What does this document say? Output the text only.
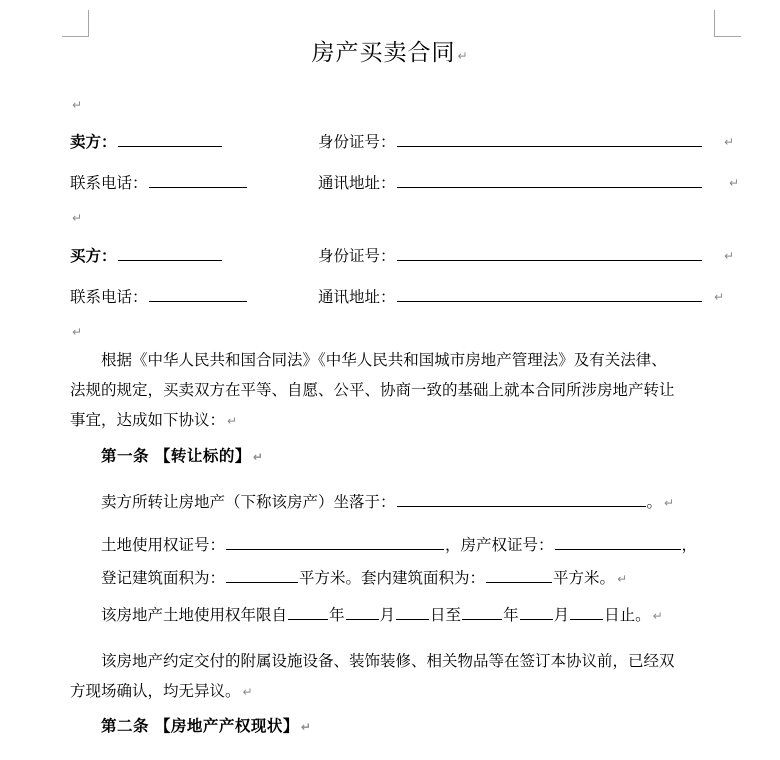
房产买卖合同 ↵
↵
卖方：	身份证号：	↵
联系电话：	通讯地址：	↵
↵
买方：	身份证号：	↵
联系电话：	通讯地址：	↵
↵
根据《中华人民共和国合同法》《中华人民共和国城市房地产管理法》及有关法律、
法规的规定，买卖双方在平等、自愿、公平、协商一致的基础上就本合同所涉房地产转让
事宜，达成如下协议： ↵
第一条 【转让标的】 ↵
卖方所转让房地产（下称该房产）坐落于：	。 ↵
土地使用权证号：	，房产权证号：	，
登记建筑面积为：	平方米。套内建筑面积为：	平方米。 ↵
该房地产土地使用权年限自	年 月 日至	年 月 日止。 ↵
该房地产约定交付的附属设施设备、装饰装修、相关物品等在签订本协议前，已经双
方现场确认，均无异议。 ↵
第二条 【房地产产权现状】 ↵
